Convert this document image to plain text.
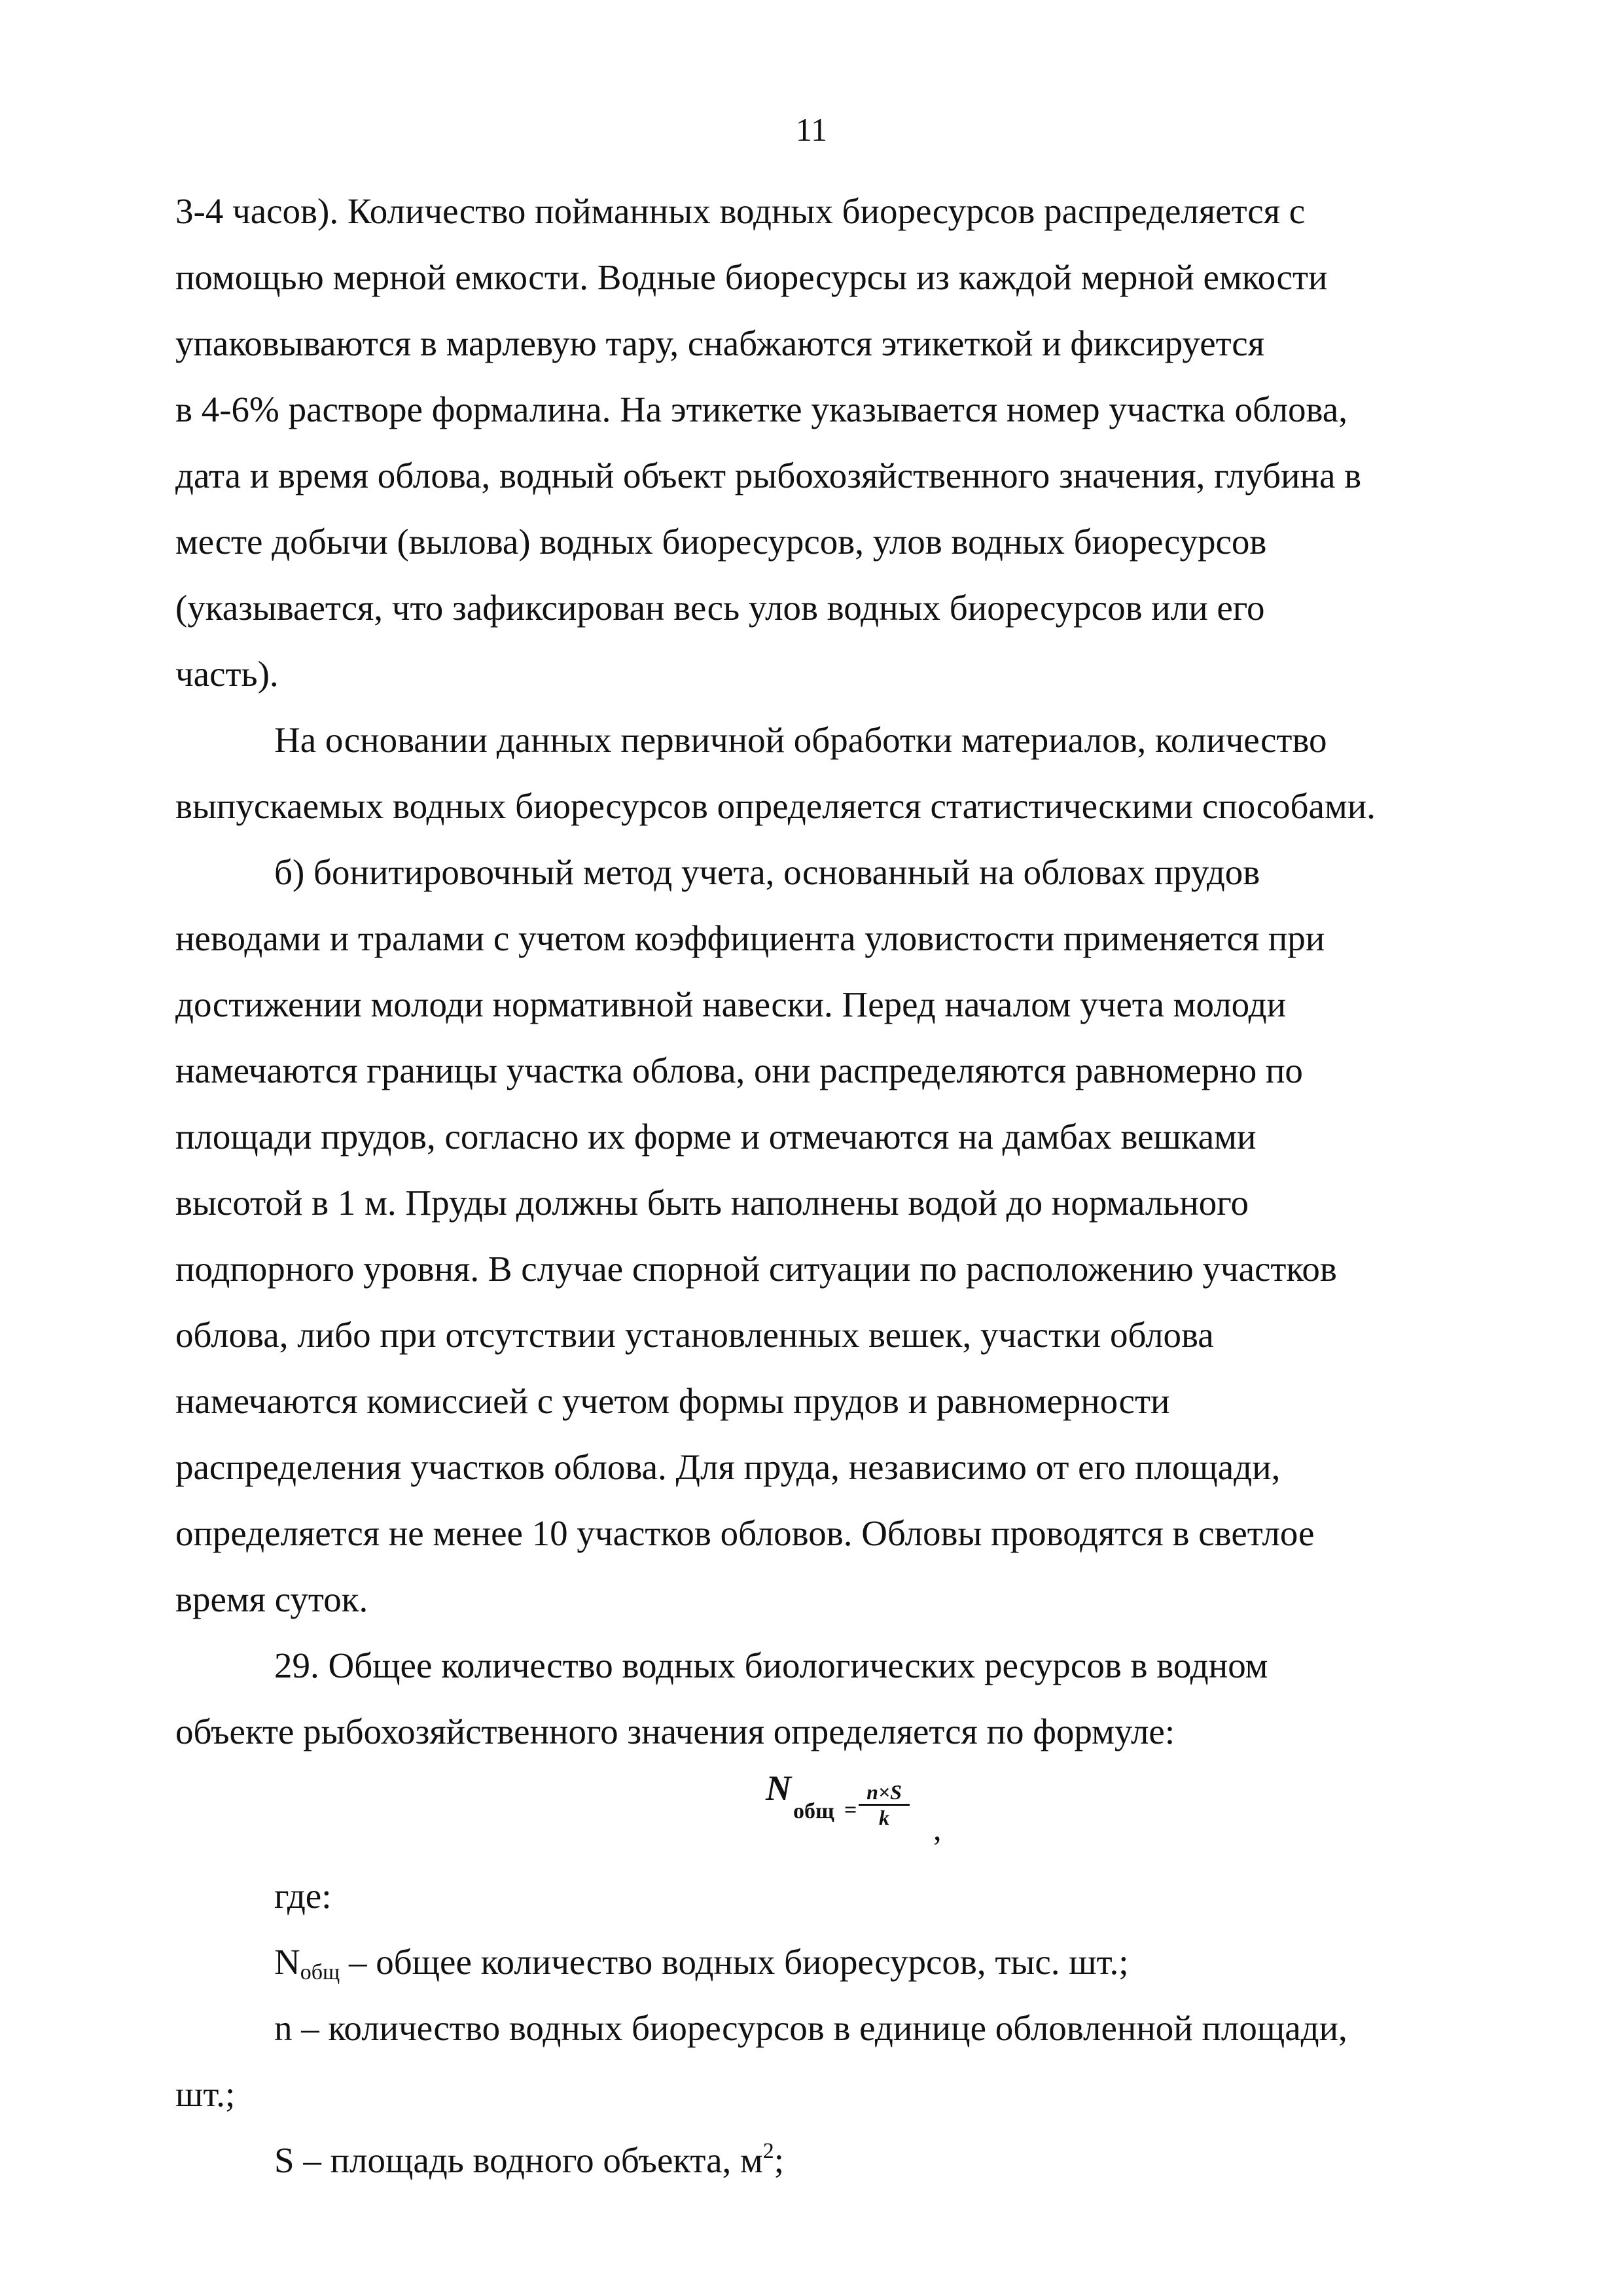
11

3-4 часов). Количество пойманных водных биоресурсов распределяется с

помощью мерной емкости. Водные биоресурсы из каждой мерной емкости

упаковываются в марлевую тару, снабжаются этикеткой и фиксируется

в 4-6% растворе формалина. На этикетке указывается номер участка облова,

дата и время облова, водный объект рыбохозяйственного значения, глубина в

месте добычи (вылова) водных биоресурсов, улов водных биоресурсов

(указывается, что зафиксирован весь улов водных биоресурсов или его

часть).

На основании данных первичной обработки материалов, количество

выпускаемых водных биоресурсов определяется статистическими способами.

б) бонитировочный метод учета, основанный на обловах прудов

неводами и тралами с учетом коэффициента уловистости применяется при

достижении молоди нормативной навески. Перед началом учета молоди

намечаются границы участка облова, они распределяются равномерно по

площади прудов, согласно их форме и отмечаются на дамбах вешками

высотой в 1 м. Пруды должны быть наполнены водой до нормального

подпорного уровня. В случае спорной ситуации по расположению участков

облова, либо при отсутствии установленных вешек, участки облова

намечаются комиссией с учетом формы прудов и равномерности

распределения участков облова. Для пруда, независимо от его площади,

определяется не менее 10 участков обловов. Обловы проводятся в светлое

время суток.

29. Общее количество водных биологических ресурсов в водном

объекте рыбохозяйственного значения определяется по формуле:

N
общ = $\frac{n\times S}{k}$ ,

где:

$N_{общ}$ – общее количество водных биоресурсов, тыс. шт.;

n – количество водных биоресурсов в единице обловленной площади,

шт.;

S – площадь водного объекта, $м^2$;
